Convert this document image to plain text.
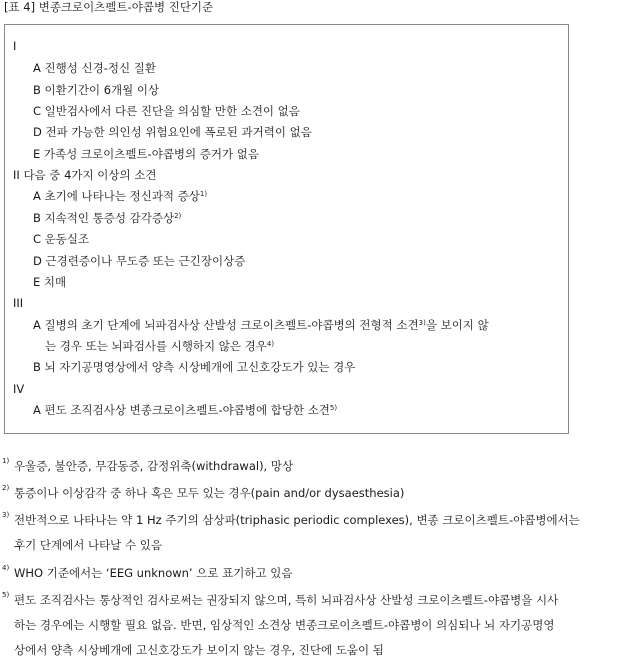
[표 4] 변종크로이츠펠트-야콥병 진단기준
I
A 진행성 신경-정신 질환
B 이환기간이 6개월 이상
C 일반검사에서 다른 진단을 의심할 만한 소견이 없음
D 전파 가능한 의인성 위험요인에 폭로된 과거력이 없음
E 가족성 크로이츠펠트-야콥병의 증거가 없음
II 다음 중 4가지 이상의 소견
A 초기에 나타나는 정신과적 증상$^{1)}$
B 지속적인 통증성 감각증상$^{2)}$
C 운동실조
D 근경련증이나 무도증 또는 근긴장이상증
E 치매
III
A 질병의 초기 단계에 뇌파검사상 산발성 크로이츠펠트-야콥병의 전형적 소견$^{3)}$을 보이지 않
는 경우 또는 뇌파검사를 시행하지 않은 경우$^{4)}$
B 뇌 자기공명영상에서 양측 시상베개에 고신호강도가 있는 경우
IV
A 편도 조직검사상 변종크로이츠펠트-야콥병에 합당한 소견$^{5)}$
1) 우울증, 불안증, 무감동증, 감정위축(withdrawal), 망상
2) 통증이나 이상감각 중 하나 혹은 모두 있는 경우(pain and/or dysaesthesia)
3) 전반적으로 나타나는 약 1 Hz 주기의 삼상파(triphasic periodic complexes), 변종 크로이츠펠트-야콥병에서는
후기 단계에서 나타날 수 있음
4) WHO 기준에서는 ‘EEG unknown’ 으로 표기하고 있음
5) 편도 조직검사는 통상적인 검사로써는 권장되지 않으며, 특히 뇌파검사상 산발성 크로이츠펠트-야콥병을 시사
하는 경우에는 시행할 필요 없음. 반면, 임상적인 소견상 변종크로이츠펠트-야콥병이 의심되나 뇌 자기공명영
상에서 양측 시상베개에 고신호강도가 보이지 않는 경우, 진단에 도움이 됨
